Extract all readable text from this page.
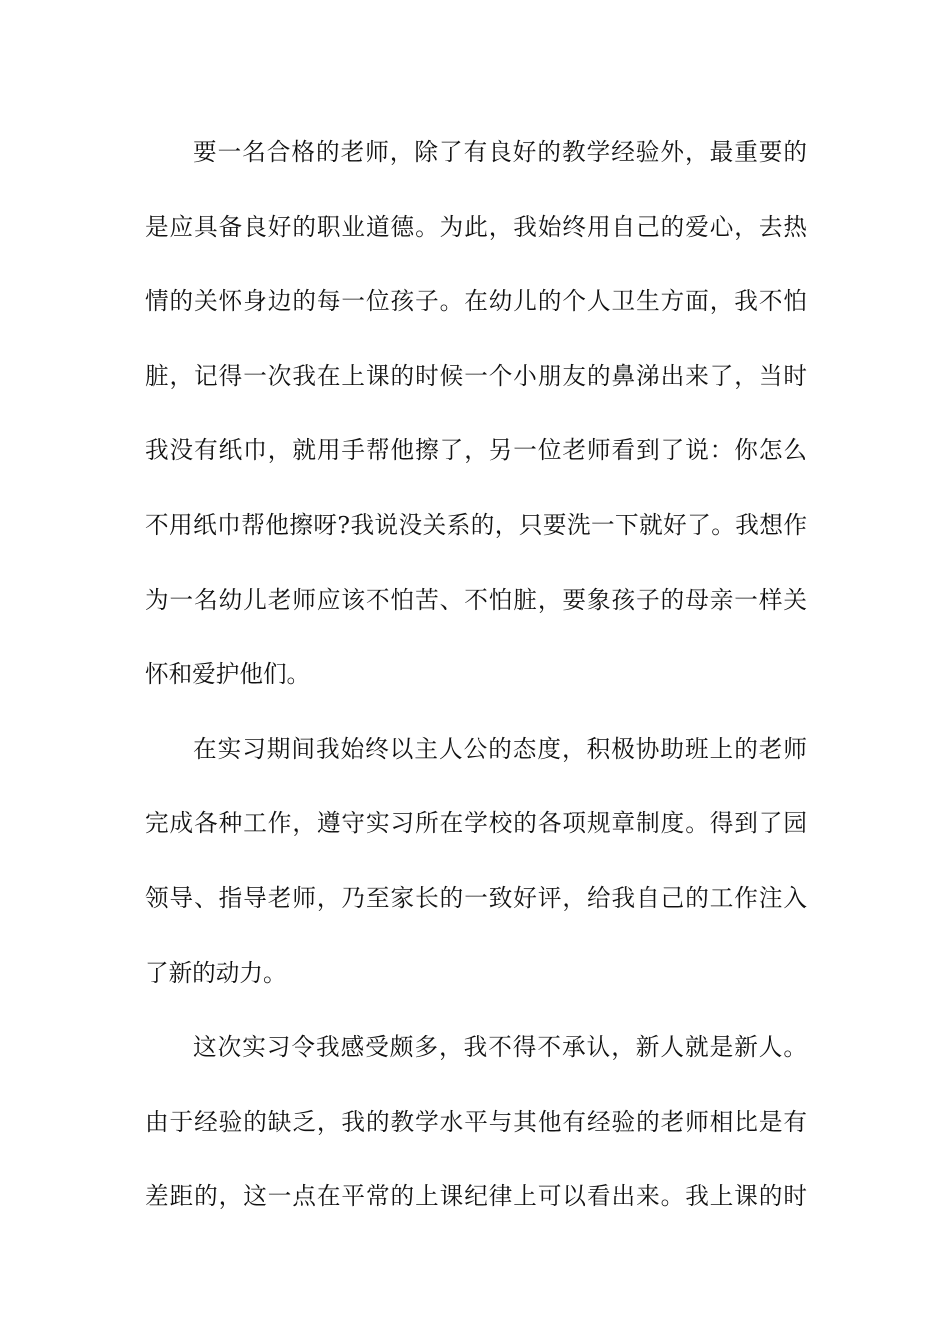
要一名合格的老师，除了有良好的教学经验外，最重要的
是应具备良好的职业道德。为此，我始终用自己的爱心，去热
情的关怀身边的每一位孩子。在幼儿的个人卫生方面，我不怕
脏，记得一次我在上课的时候一个小朋友的鼻涕出来了，当时
我没有纸巾，就用手帮他擦了，另一位老师看到了说：你怎么
不用纸巾帮他擦呀?我说没关系的，只要洗一下就好了。我想作
为一名幼儿老师应该不怕苦、不怕脏，要象孩子的母亲一样关
怀和爱护他们。
在实习期间我始终以主人公的态度，积极协助班上的老师
完成各种工作，遵守实习所在学校的各项规章制度。得到了园
领导、指导老师，乃至家长的一致好评，给我自己的工作注入
了新的动力。
这次实习令我感受颇多，我不得不承认，新人就是新人。
由于经验的缺乏，我的教学水平与其他有经验的老师相比是有
差距的，这一点在平常的上课纪律上可以看出来。我上课的时
